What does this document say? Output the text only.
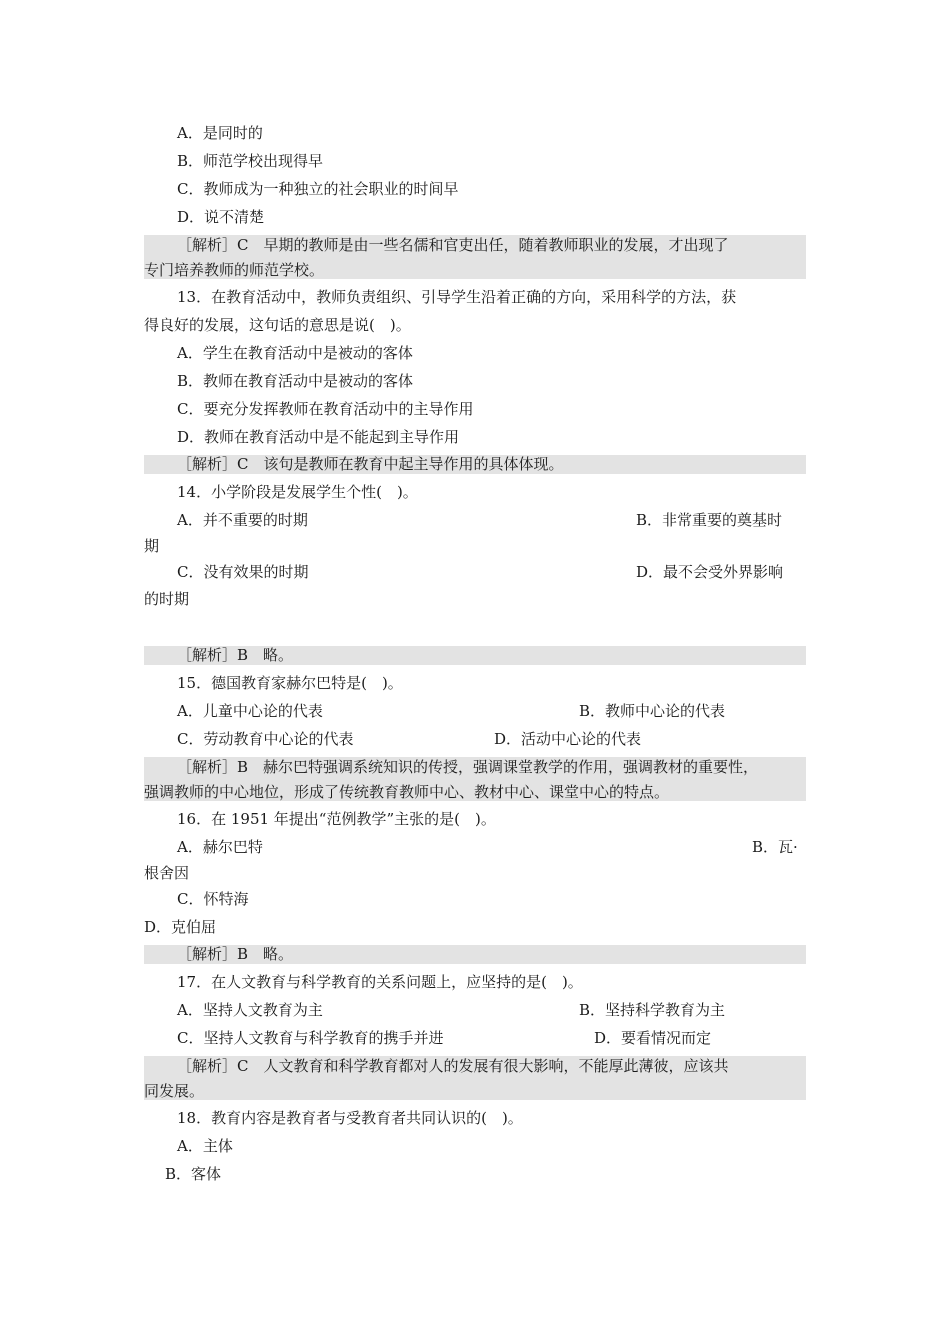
A．是同时的
B．师范学校出现得早
C．教师成为一种独立的社会职业的时间早
D．说不清楚
［解析］C　早期的教师是由一些名儒和官吏出任，随着教师职业的发展，才出现了
专门培养教师的师范学校。
13．在教育活动中，教师负责组织、引导学生沿着正确的方向，采用科学的方法，获
得良好的发展，这句话的意思是说(　)。
A．学生在教育活动中是被动的客体
B．教师在教育活动中是被动的客体
C．要充分发挥教师在教育活动中的主导作用
D．教师在教育活动中是不能起到主导作用
［解析］C　该句是教师在教育中起主导作用的具体体现。
14．小学阶段是发展学生个性(　)。
A．并不重要的时期	B．非常重要的奠基时
期
C．没有效果的时期	D．最不会受外界影响
的时期
［解析］B　略。
15．德国教育家赫尔巴特是(　)。
A．儿童中心论的代表	B．教师中心论的代表
C．劳动教育中心论的代表	D．活动中心论的代表
［解析］B　赫尔巴特强调系统知识的传授，强调课堂教学的作用，强调教材的重要性，
强调教师的中心地位，形成了传统教育教师中心、教材中心、课堂中心的特点。
16．在 1951 年提出“范例教学”主张的是(　)。
A．赫尔巴特	B．瓦·
根舍因
C．怀特海
D．克伯屈
［解析］B　略。
17．在人文教育与科学教育的关系问题上，应坚持的是(　)。
A．坚持人文教育为主	B．坚持科学教育为主
C．坚持人文教育与科学教育的携手并进	D．要看情况而定
［解析］C　人文教育和科学教育都对人的发展有很大影响，不能厚此薄彼，应该共
同发展。
18．教育内容是教育者与受教育者共同认识的(　)。
A．主体
B．客体
